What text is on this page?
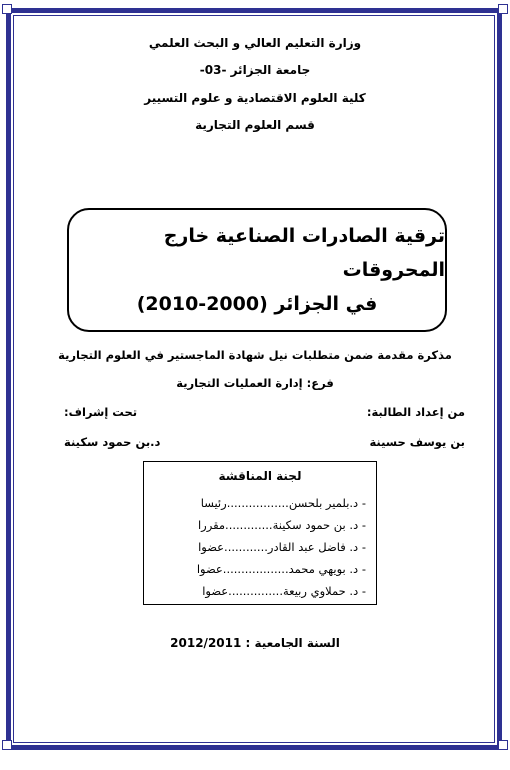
وزارة التعليم العالي و البحث العلمي
جامعة الجزائر -03-
كلية العلوم الاقتصادية و علوم التسيير
قسم العلوم التجارية
ترقية الصادرات الصناعية خارج المحروقات
في الجزائر (2000-2010)
مذكرة مقدمة ضمن متطلبات نيل شهادة الماجستير في العلوم التجارية
فرع: إدارة العمليات التجارية
من إعداد الطالبة:
تحت إشراف:
بن يوسف حسينة
د.بن حمود سكينة
لجنة المناقشة
- د.بلمير بلحسن.................رئيسا
- د. بن حمود سكينة.............مقررا
- د. فاضل عبد القادر............عضوا
- د. بويهي محمد..................عضوا
- د. حملاوي ربيعة...............عضوا
السنة الجامعية : 2012/2011
